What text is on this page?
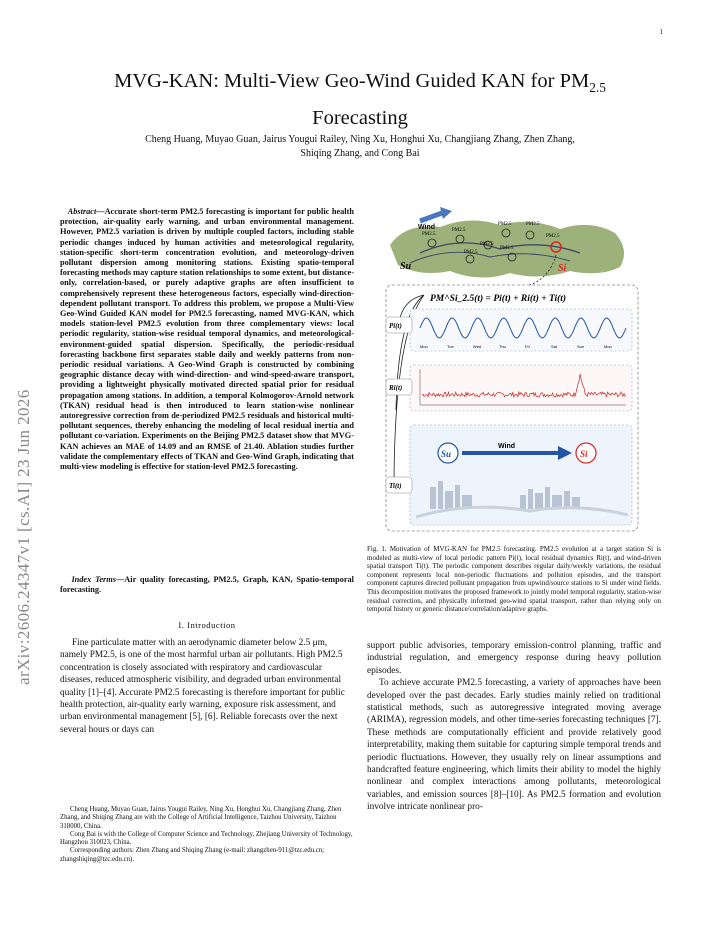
1
arXiv:2606.24347v1 [cs.AI] 23 Jun 2026
MVG-KAN: Multi-View Geo-Wind Guided KAN for $PM_{2.5}$
Forecasting
Cheng Huang, Muyao Guan, Jairus Yougui Railey, Ning Xu, Honghui Xu, Changjiang Zhang, Zhen Zhang,
Shiqing Zhang, and Cong Bai
Abstract—Accurate short-term PM2.5 forecasting is important for public health protection, air-quality early warning, and urban environmental management. However, PM2.5 variation is driven by multiple coupled factors, including stable periodic changes induced by human activities and meteorological regularity, station-specific short-term concentration evolution, and meteorology-driven pollutant dispersion among monitoring stations. Existing spatio-temporal forecasting methods may capture station relationships to some extent, but distance-only, correlation-based, or purely adaptive graphs are often insufficient to comprehensively represent these heterogeneous factors, especially wind-direction-dependent pollutant transport. To address this problem, we propose a Multi-View Geo-Wind Guided KAN model for PM2.5 forecasting, named MVG-KAN, which models station-level PM2.5 evolution from three complementary views: local periodic regularity, station-wise residual temporal dynamics, and meteorological-environment-guided spatial dispersion. Specifically, the periodic-residual forecasting backbone first separates stable daily and weekly patterns from non-periodic residual variations. A Geo-Wind Graph is constructed by combining geographic distance decay with wind-direction- and wind-speed-aware transport, providing a lightweight physically motivated directed spatial prior for residual propagation among stations. In addition, a temporal Kolmogorov-Arnold network (TKAN) residual head is then introduced to learn station-wise nonlinear autoregressive correction from de-periodized PM2.5 residuals and historical multi-pollutant sequences, thereby enhancing the modeling of local residual inertia and pollutant co-variation. Experiments on the Beijing PM2.5 dataset show that MVG-KAN achieves an MAE of 14.09 and an RMSE of 21.40. Ablation studies further validate the complementary effects of TKAN and Geo-Wind Graph, indicating that multi-view modeling is effective for station-level PM2.5 forecasting.
Index Terms—Air quality forecasting, PM2.5, Graph, KAN, Spatio-temporal forecasting.
I. Introduction

Fine particulate matter with an aerodynamic diameter below 2.5 μm, namely PM2.5, is one of the most harmful urban air pollutants. High PM2.5 concentration is closely associated with respiratory and cardiovascular diseases, reduced atmospheric visibility, and degraded urban environmental quality [1]–[4]. Accurate PM2.5 forecasting is therefore important for public health protection, air-quality early warning, exposure risk assessment, and urban environmental management [5], [6]. Reliable forecasts over the next several hours or days can

Cheng Huang, Muyao Guan, Jairus Yougui Railey, Ning Xu, Honghui Xu, Changjiang Zhang, Zhen Zhang, and Shiqing Zhang are with the College of Artificial Intelligence, Taizhou University, Taizhou 318000, China.

Cong Bai is with the College of Computer Science and Technology, Zhejiang University of Technology, Hangzhou 310023, China.

Corresponding authors: Zhen Zhang and Shiqing Zhang (e-mail: zhangzhen-911@tzc.edu.cn; zhangshiqing@tzc.edu.cn).

Wind
PM2.5
PM2.5
PM2.5	PM2.5
PM2.5
PM2.5
PM2.5
PM2.5
Su	Si
PM^Si_2.5(t) = Pi(t) + Ri(t) + Ti(t)
Pi(t)
Mon	Tue	Wed	Thu	Fri	Sat	Sun	Mon
Ri(t)
Ti(t)
Su
Wind
Si
Fig. 1. Motivation of MVG-KAN for PM2.5 forecasting. PM2.5 evolution at a target station Si is modeled as multi-view of local periodic pattern Pi(t), local residual dynamics Ri(t), and wind-driven spatial transport Ti(t). The periodic component describes regular daily/weekly variations, the residual component represents local non-periodic fluctuations and pollution episodes, and the transport component captures directed pollutant propagation from upwind/source stations to Si under wind fields. This decomposition motivates the proposed framework to jointly model temporal regularity, station-wise residual correction, and physically informed geo-wind spatial transport, rather than relying only on temporal history or generic distance/correlation/adaptive graphs.

support public advisories, temporary emission-control planning, traffic and industrial regulation, and emergency response during heavy pollution episodes.

To achieve accurate PM2.5 forecasting, a variety of approaches have been developed over the past decades. Early studies mainly relied on traditional statistical methods, such as autoregressive integrated moving average (ARIMA), regression models, and other time-series forecasting techniques [7]. These methods are computationally efficient and provide relatively good interpretability, making them suitable for capturing simple temporal trends and periodic fluctuations. However, they usually rely on linear assumptions and handcrafted feature engineering, which limits their ability to model the highly nonlinear and complex interactions among pollutants, meteorological variables, and emission sources [8]–[10]. As PM2.5 formation and evolution involve intricate nonlinear pro-
